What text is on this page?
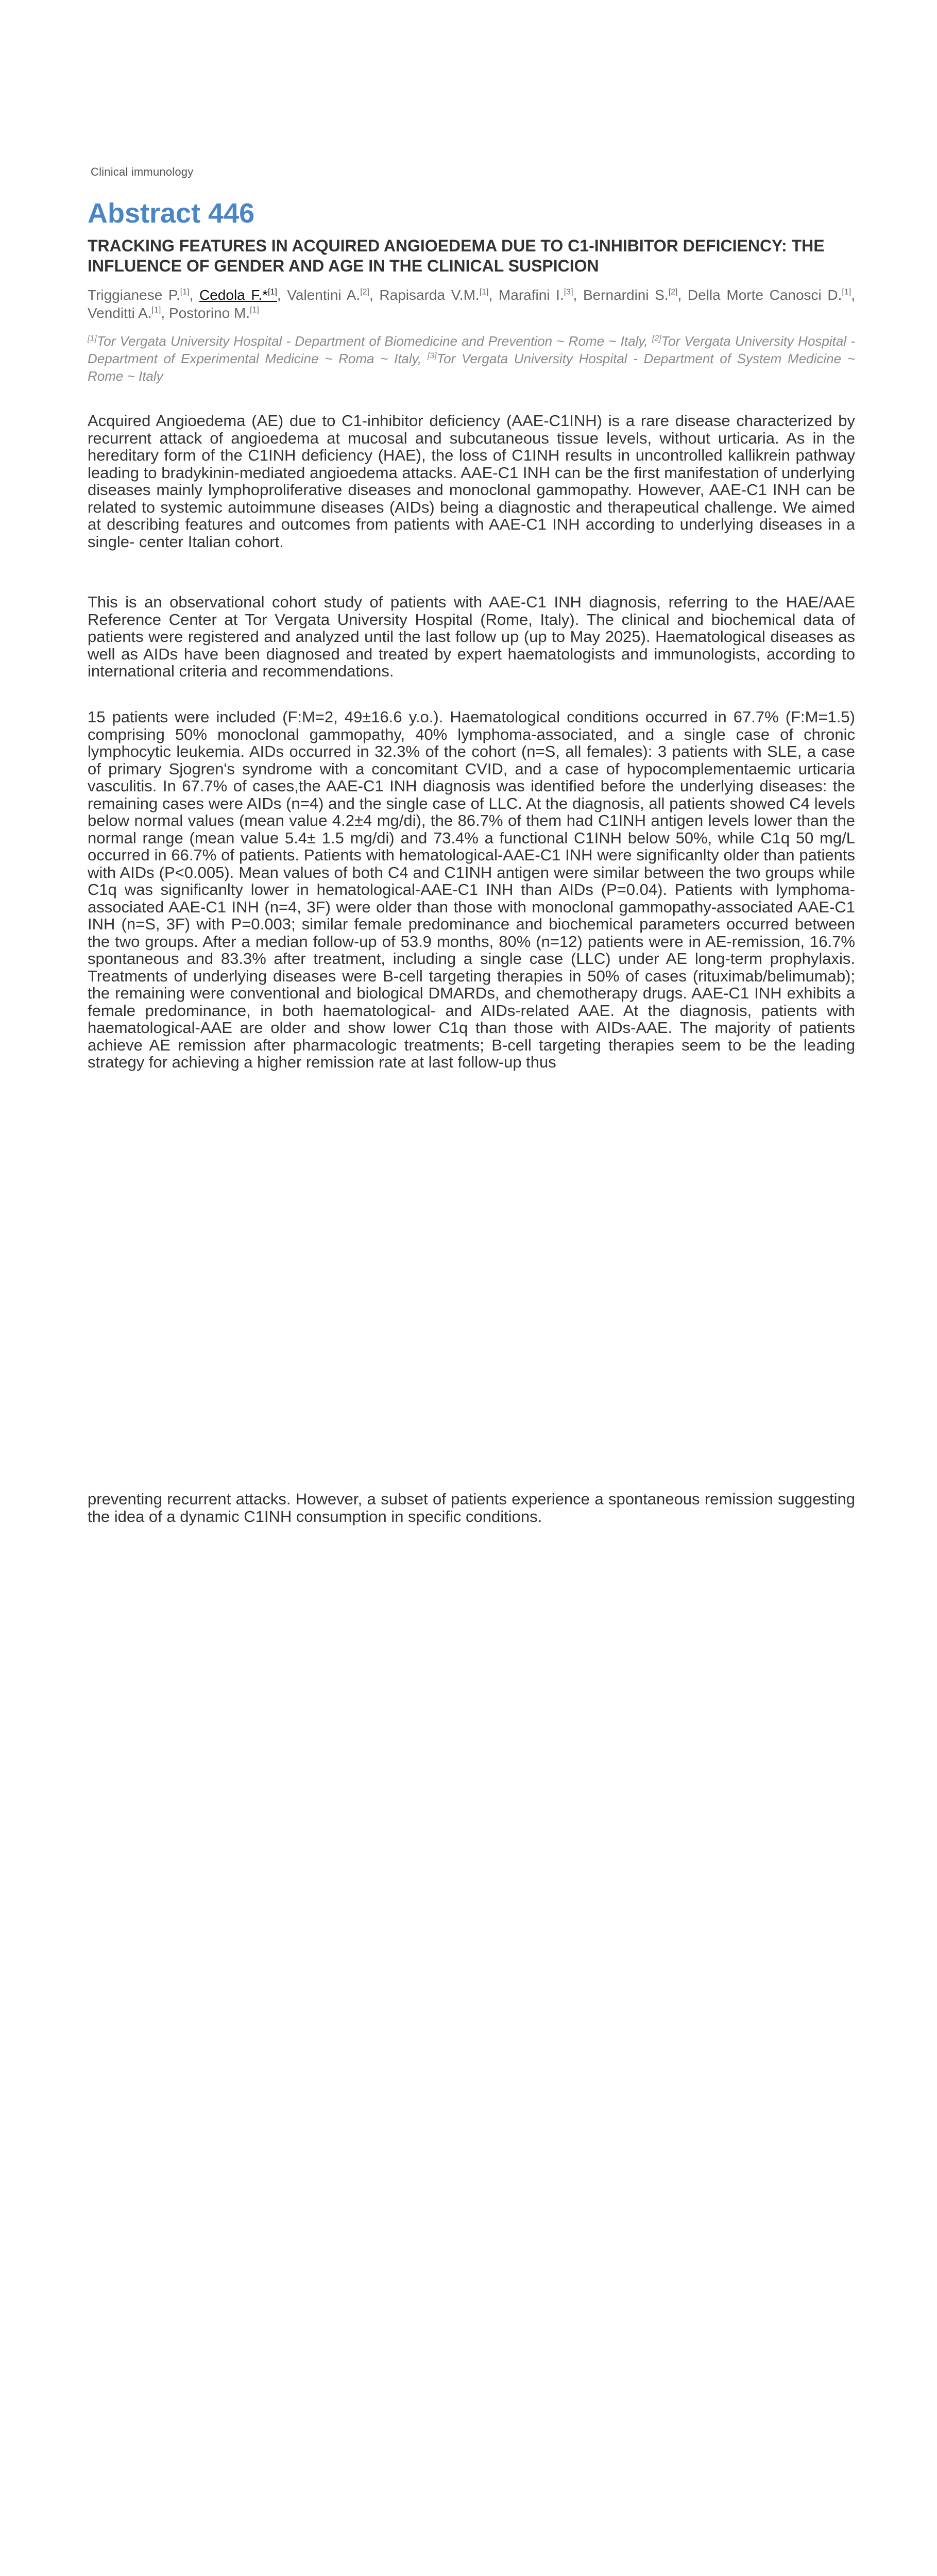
Clinical immunology
Abstract 446
TRACKING FEATURES IN ACQUIRED ANGIOEDEMA DUE TO C1-INHIBITOR DEFICIENCY: THE INFLUENCE OF GENDER AND AGE IN THE CLINICAL SUSPICION
Triggianese P.[1], Cedola F.*[1], Valentini A.[2], Rapisarda V.M.[1], Marafini I.[3], Bernardini S.[2], Della Morte Canosci D.[1], Venditti A.[1], Postorino M.[1]
[1]Tor Vergata University Hospital - Department of Biomedicine and Prevention ~ Rome ~ Italy, [2]Tor Vergata University Hospital - Department of Experimental Medicine ~ Roma ~ Italy, [3]Tor Vergata University Hospital - Department of System Medicine ~ Rome ~ Italy

Acquired Angioedema (AE) due to C1-inhibitor deficiency (AAE-C1INH) is a rare disease characterized by recurrent attack of angioedema at mucosal and subcutaneous tissue levels, without urticaria. As in the hereditary form of the C1INH deficiency (HAE), the loss of C1INH results in uncontrolled kallikrein pathway leading to bradykinin-mediated angioedema attacks. AAE-C1 INH can be the first manifestation of underlying diseases mainly lymphoproliferative diseases and monoclonal gammopathy. However, AAE-C1 INH can be related to systemic autoimmune diseases (AIDs) being a diagnostic and therapeutical challenge. We aimed at describing features and outcomes from patients with AAE-C1 INH according to underlying diseases in a single- center Italian cohort.

This is an observational cohort study of patients with AAE-C1 INH diagnosis, referring to the HAE/AAE Reference Center at Tor Vergata University Hospital (Rome, Italy). The clinical and biochemical data of patients were registered and analyzed until the last follow up (up to May 2025). Haematological diseases as well as AIDs have been diagnosed and treated by expert haematologists and immunologists, according to international criteria and recommendations.

15 patients were included (F:M=2, 49±16.6 y.o.). Haematological conditions occurred in 67.7% (F:M=1.5) comprising 50% monoclonal gammopathy, 40% lymphoma-associated, and a single case of chronic lymphocytic leukemia. AIDs occurred in 32.3% of the cohort (n=S, all females): 3 patients with SLE, a case of primary Sjogren's syndrome with a concomitant CVID, and a case of hypocomplementaemic urticaria vasculitis. In 67.7% of cases,the AAE-C1 INH diagnosis was identified before the underlying diseases: the remaining cases were AIDs (n=4) and the single case of LLC. At the diagnosis, all patients showed C4 levels below normal values (mean value 4.2±4 mg/di), the 86.7% of them had C1INH antigen levels lower than the normal range (mean value 5.4± 1.5 mg/di) and 73.4% a functional C1INH below 50%, while C1q 50 mg/L occurred in 66.7% of patients. Patients with hematological-AAE-C1 INH were significanlty older than patients with AIDs (P<0.005). Mean values of both C4 and C1INH antigen were similar between the two groups while C1q was significanlty lower in hematological-AAE-C1 INH than AIDs (P=0.04). Patients with lymphoma-associated AAE-C1 INH (n=4, 3F) were older than those with monoclonal gammopathy-associated AAE-C1 INH (n=S, 3F) with P=0.003; similar female predominance and biochemical parameters occurred between the two groups. After a median follow-up of 53.9 months, 80% (n=12) patients were in AE-remission, 16.7% spontaneous and 83.3% after treatment, including a single case (LLC) under AE long-term prophylaxis. Treatments of underlying diseases were B-cell targeting therapies in 50% of cases (rituximab/belimumab); the remaining were conventional and biological DMARDs, and chemotherapy drugs. AAE-C1 INH exhibits a female predominance, in both haematological- and AIDs-related AAE. At the diagnosis, patients with haematological-AAE are older and show lower C1q than those with AIDs-AAE. The majority of patients achieve AE remission after pharmacologic treatments; B-cell targeting therapies seem to be the leading strategy for achieving a higher remission rate at last follow-up thus

preventing recurrent attacks. However, a subset of patients experience a spontaneous remission suggesting the idea of a dynamic C1INH consumption in specific conditions.
